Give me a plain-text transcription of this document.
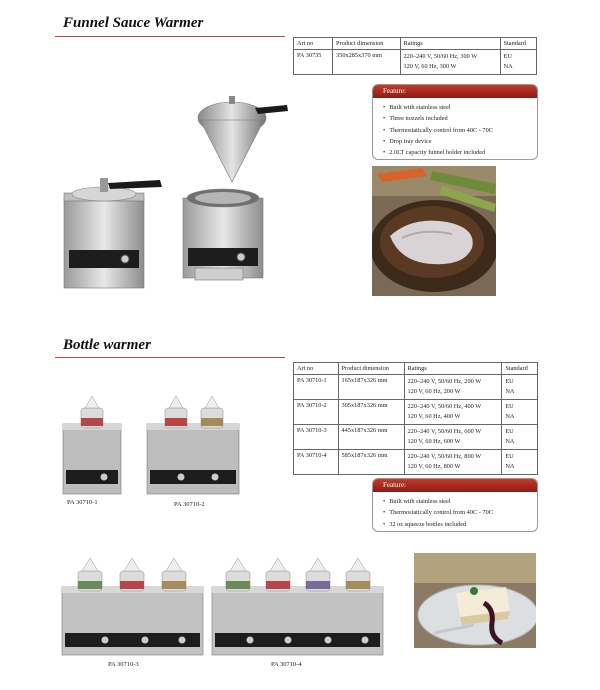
Funnel Sauce Warmer
Art no	Product dimension	Ratings	Standard
PA 30735	350x285x370 mm	220–240 V, 50/60 Hz, 300 W
120 V, 60 Hz, 300 W	EU
NA
Feature:
• Built with stainless steel
• Three nozzels included
• Thermostatically control from 40C - 70C
• Drop tray device
• 2.0LT capacity funnel holder included
Bottle warmer
Art no	Product dimension	Ratings	Standard
PA 30710-1	165x187x326 mm	220–240 V, 50/60 Hz, 200 W
120 V, 60 Hz, 200 W	EU
NA

PA 30710-2	305x187x326 mm	220–240 V, 50/60 Hz, 400 W
120 V, 60 Hz, 400 W	EU
NA

PA 30710-3	445x187x326 mm	220–240 V, 50/60 Hz, 600 W
120 V, 60 Hz, 600 W	EU
NA

PA 30710-4	585x187x326 mm	220–240 V, 50/60 Hz, 800 W
120 V, 60 Hz, 800 W	EU
NA
Feature:
• Built with stainless steel
• Thermostatically control from 40C - 70C
• 32 oz squeeze bottles included
PA 30710-1	PA 30710-2
PA 30710-3	PA 30710-4
